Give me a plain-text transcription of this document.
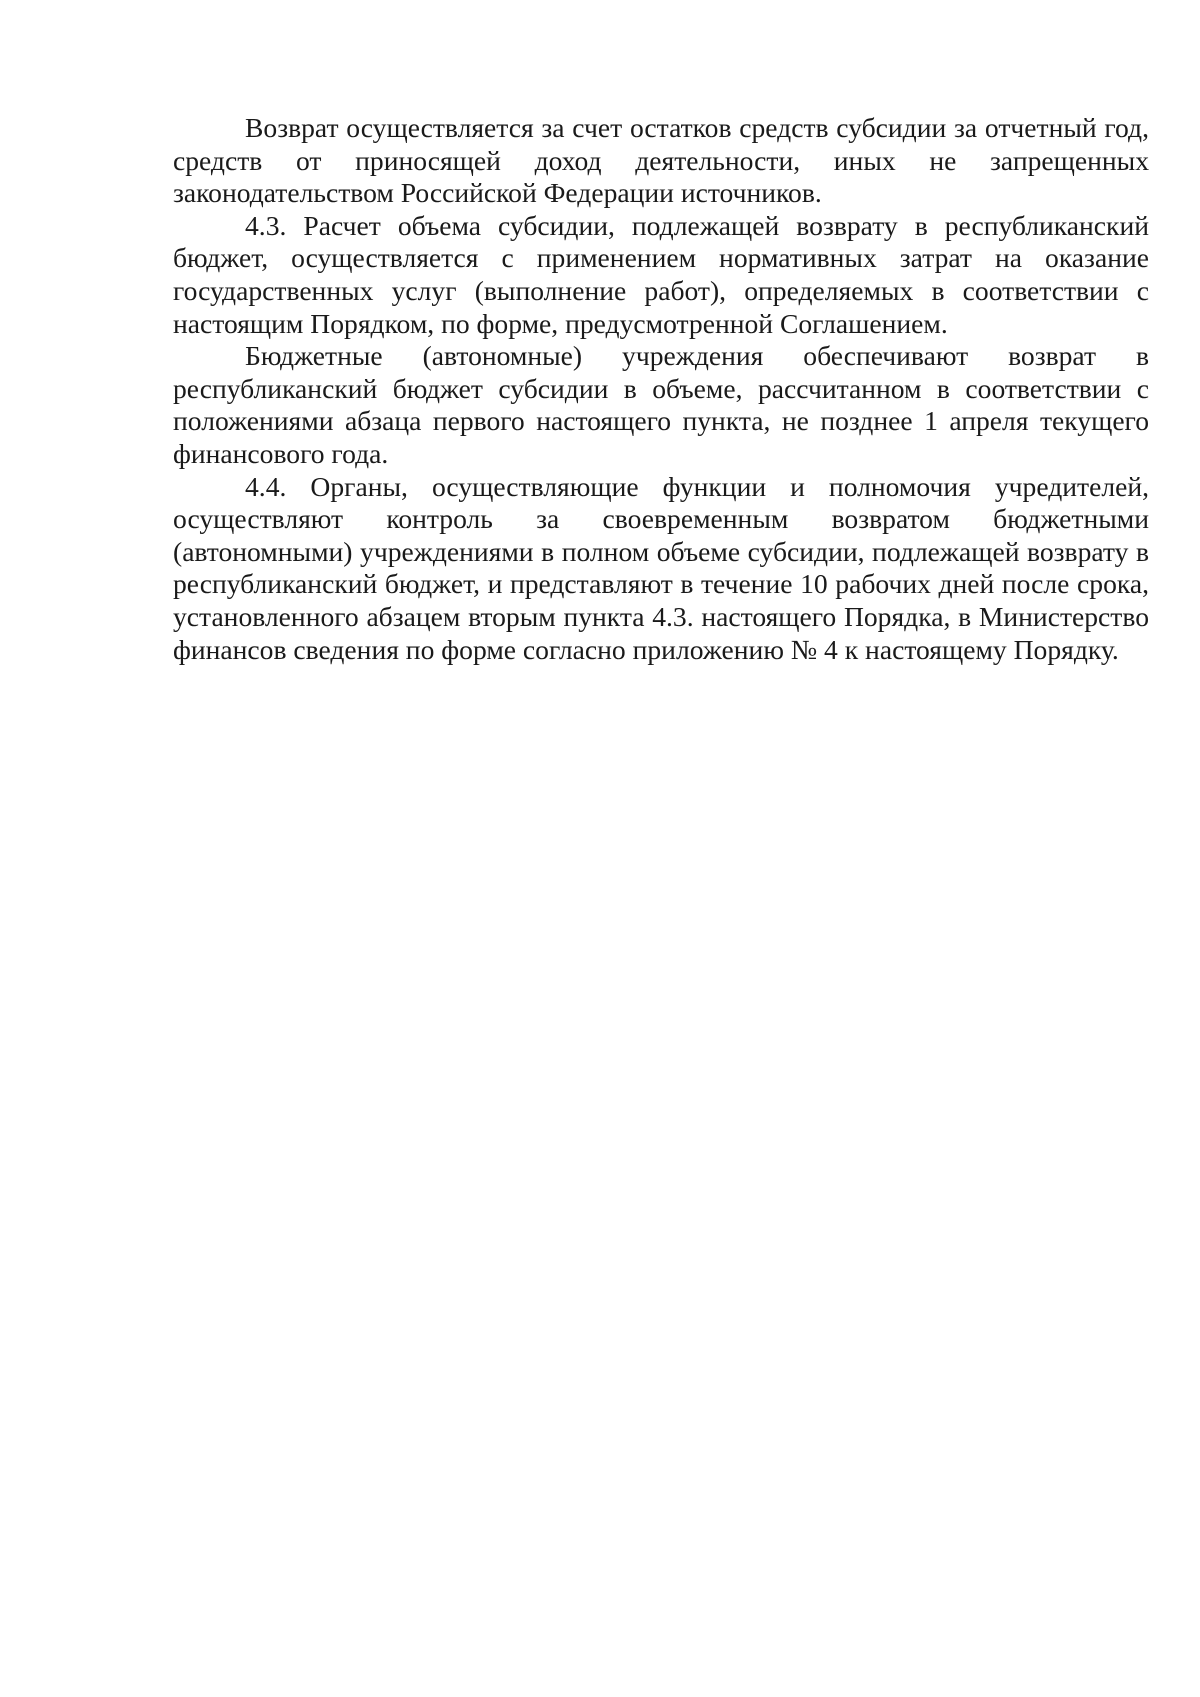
Возврат осуществляется за счет остатков средств субсидии за отчетный год, средств от приносящей доход деятельности, иных не запрещенных законодательством Российской Федерации источников.

4.3. Расчет объема субсидии, подлежащей возврату в республиканский бюджет, осуществляется с применением нормативных затрат на оказание государственных услуг (выполнение работ), определяемых в соответствии с настоящим Порядком, по форме, предусмотренной Соглашением.

Бюджетные (автономные) учреждения обеспечивают возврат в республиканский бюджет субсидии в объеме, рассчитанном в соответствии с положениями абзаца первого настоящего пункта, не позднее 1 апреля текущего финансового года.

4.4. Органы, осуществляющие функции и полномочия учредителей, осуществляют контроль за своевременным возвратом бюджетными (автономными) учреждениями в полном объеме субсидии, подлежащей возврату в республиканский бюджет, и представляют в течение 10 рабочих дней после срока, установленного абзацем вторым пункта 4.3. настоящего Порядка, в Министерство финансов сведения по форме согласно приложению № 4 к настоящему Порядку.
